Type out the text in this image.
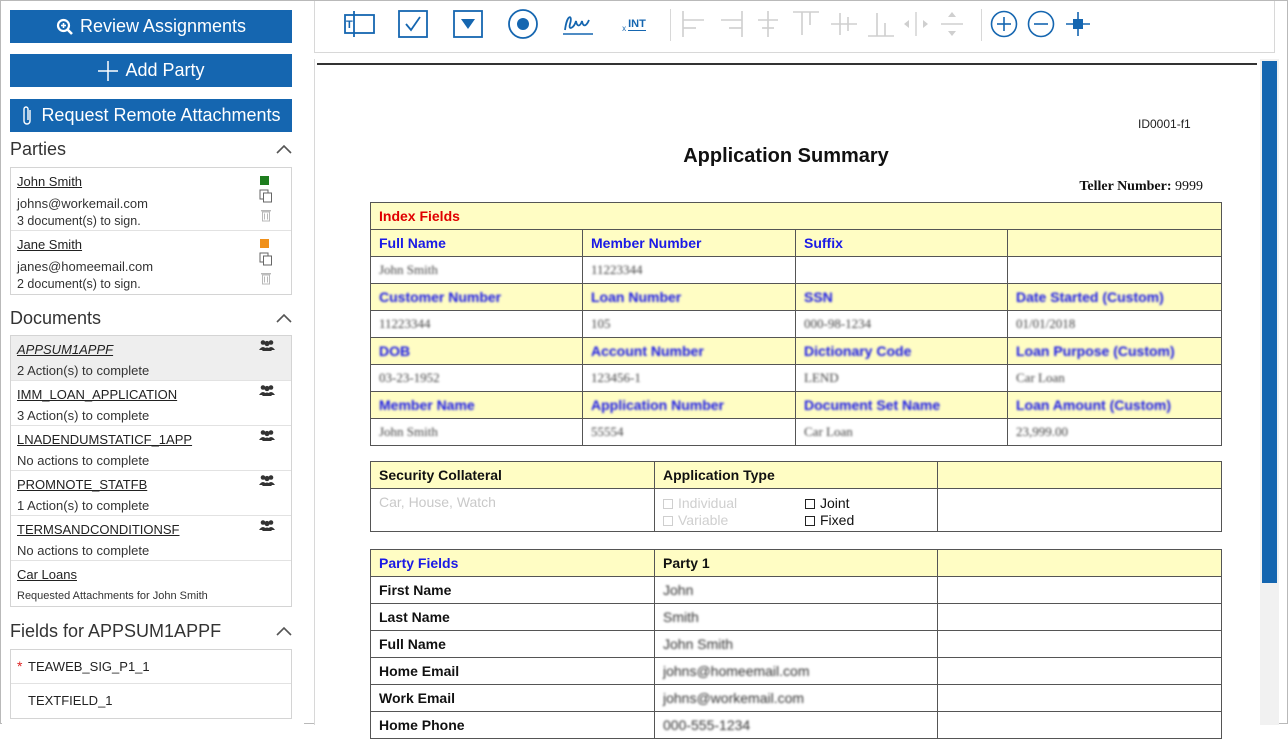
Review Assignments
Add Party
Request Remote Attachments
Parties
John Smith
johns@workemail.com
3 document(s) to sign.
Jane Smith
janes@homeemail.com
2 document(s) to sign.
Documents
APPSUM1APPF
2 Action(s) to complete
IMM_LOAN_APPLICATION
3 Action(s) to complete
LNADENDUMSTATICF_1APP
No actions to complete
PROMNOTE_STATFB
1 Action(s) to complete
TERMSANDCONDITIONSF
No actions to complete
Car Loans
Requested Attachments for John Smith
Fields for APPSUM1APPF
* TEAWEB_SIG_P1_1
TEXTFIELD_1
T	x INT
ID0001-f1
Application Summary
Teller Number: 9999
Index Fields			
Full Name	Member Number	Suffix	
John Smith	11223344		
Customer Number	Loan Number	SSN	Date Started (Custom)
11223344	105	000-98-1234	01/01/2018
DOB	Account Number	Dictionary Code	Loan Purpose (Custom)
03-23-1952	123456-1	LEND	Car Loan
Member Name	Application Number	Document Set Name	Loan Amount (Custom)
John Smith	55554	Car Loan	23,999.00
Security Collateral	Application Type	
Car, House, Watch	Individual Joint
Variable Fixed	

Party Fields	Party 1	
First Name	John	
Last Name	Smith	
Full Name	John Smith	
Home Email	johns@homeemail.com	
Work Email	johns@workemail.com	
Home Phone	000-555-1234	
